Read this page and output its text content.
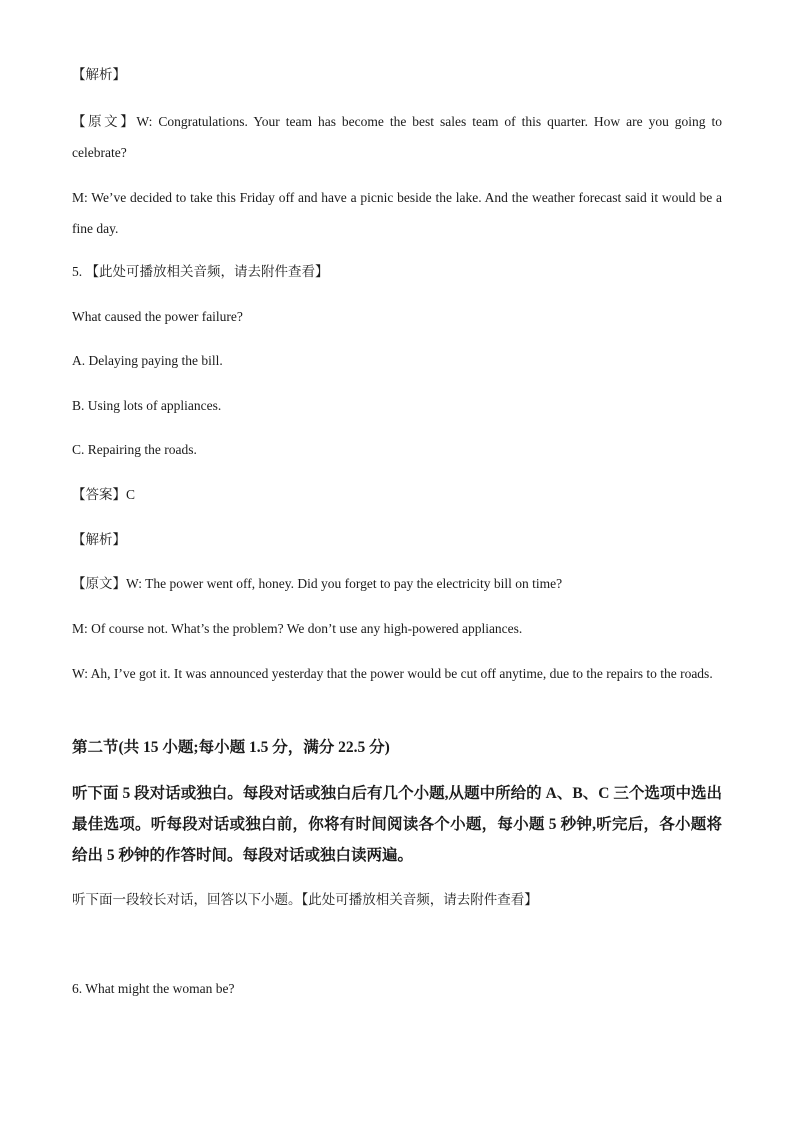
【解析】
【原文】W: Congratulations. Your team has become the best sales team of this quarter. How are you going to celebrate?
M: We’ve decided to take this Friday off and have a picnic beside the lake. And the weather forecast said it would be a fine day.
5. 【此处可播放相关音频，请去附件查看】
What caused the power failure?
A. Delaying paying the bill.
B. Using lots of appliances.
C. Repairing the roads.
【答案】C
【解析】
【原文】W: The power went off, honey. Did you forget to pay the electricity bill on time?
M: Of course not. What’s the problem? We don’t use any high-powered appliances.
W: Ah, I’ve got it. It was announced yesterday that the power would be cut off anytime, due to the repairs to the roads.
第二节(共 15 小题;每小题 1.5 分，满分 22.5 分)
听下面 5 段对话或独白。每段对话或独白后有几个小题,从题中所给的 A、B、C 三个选项中选出最佳选项。听每段对话或独白前，你将有时间阅读各个小题，每小题 5 秒钟,听完后，各小题将给出 5 秒钟的作答时间。每段对话或独白读两遍。
听下面一段较长对话，回答以下小题。【此处可播放相关音频，请去附件查看】
6. What might the woman be?
